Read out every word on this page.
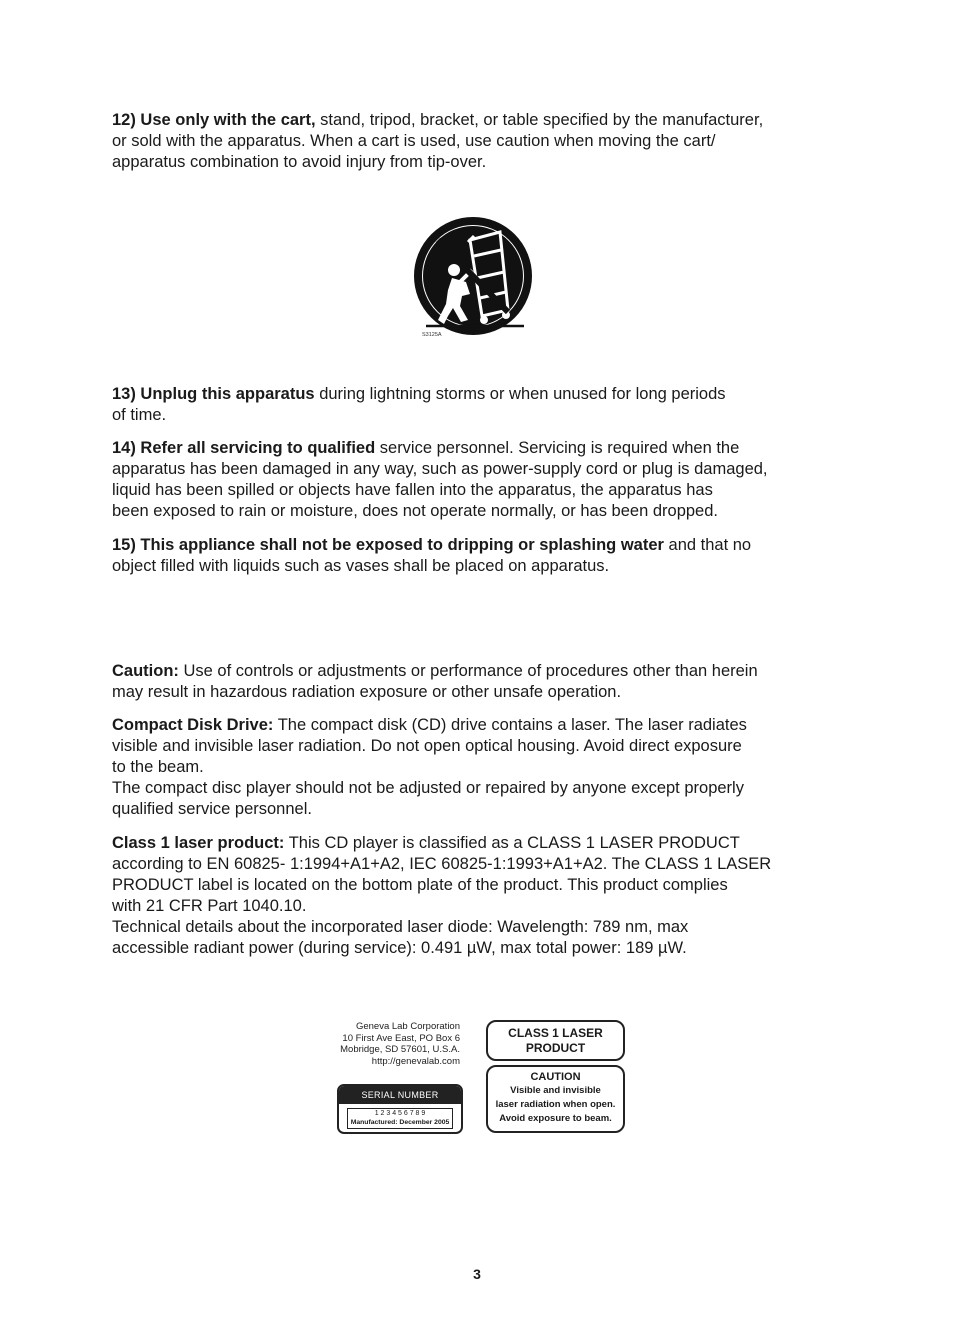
12) Use only with the cart, stand, tripod, bracket, or table specified by the manufacturer,
or sold with the apparatus. When a cart is used, use caution when moving the cart/
apparatus combination to avoid injury from tip-over.

S3125A

13) Unplug this apparatus during lightning storms or when unused for long periods
of time.

14) Refer all servicing to qualified service personnel. Servicing is required when the
apparatus has been damaged in any way, such as power-supply cord or plug is damaged,
liquid has been spilled or objects have fallen into the apparatus, the apparatus has
been exposed to rain or moisture, does not operate normally, or has been dropped.

15) This appliance shall not be exposed to dripping or splashing water and that no
object filled with liquids such as vases shall be placed on apparatus.

Caution: Use of controls or adjustments or performance of procedures other than herein
may result in hazardous radiation exposure or other unsafe operation.

Compact Disk Drive: The compact disk (CD) drive contains a laser. The laser radiates
visible and invisible laser radiation. Do not open optical housing. Avoid direct exposure
to the beam.
The compact disc player should not be adjusted or repaired by anyone except properly
qualified service personnel.

Class 1 laser product: This CD player is classified as a CLASS 1 LASER PRODUCT
according to EN 60825- 1:1994+A1+A2, IEC 60825-1:1993+A1+A2. The CLASS 1 LASER
PRODUCT label is located on the bottom plate of the product. This product complies
with 21 CFR Part 1040.10.
Technical details about the incorporated laser diode: Wavelength: 789 nm, max
accessible radiant power (during service): 0.491 µW, max total power: 189 µW.

Geneva Lab Corporation
10 First Ave East, PO Box 6
Mobridge, SD 57601, U.S.A.
http://genevalab.com
SERIAL NUMBER
1 2 3 4 5 6 7 8 9
Manufactured: December 2005
CLASS 1 LASER
PRODUCT
CAUTION
Visible and invisible
laser radiation when open.
Avoid exposure to beam.
3
